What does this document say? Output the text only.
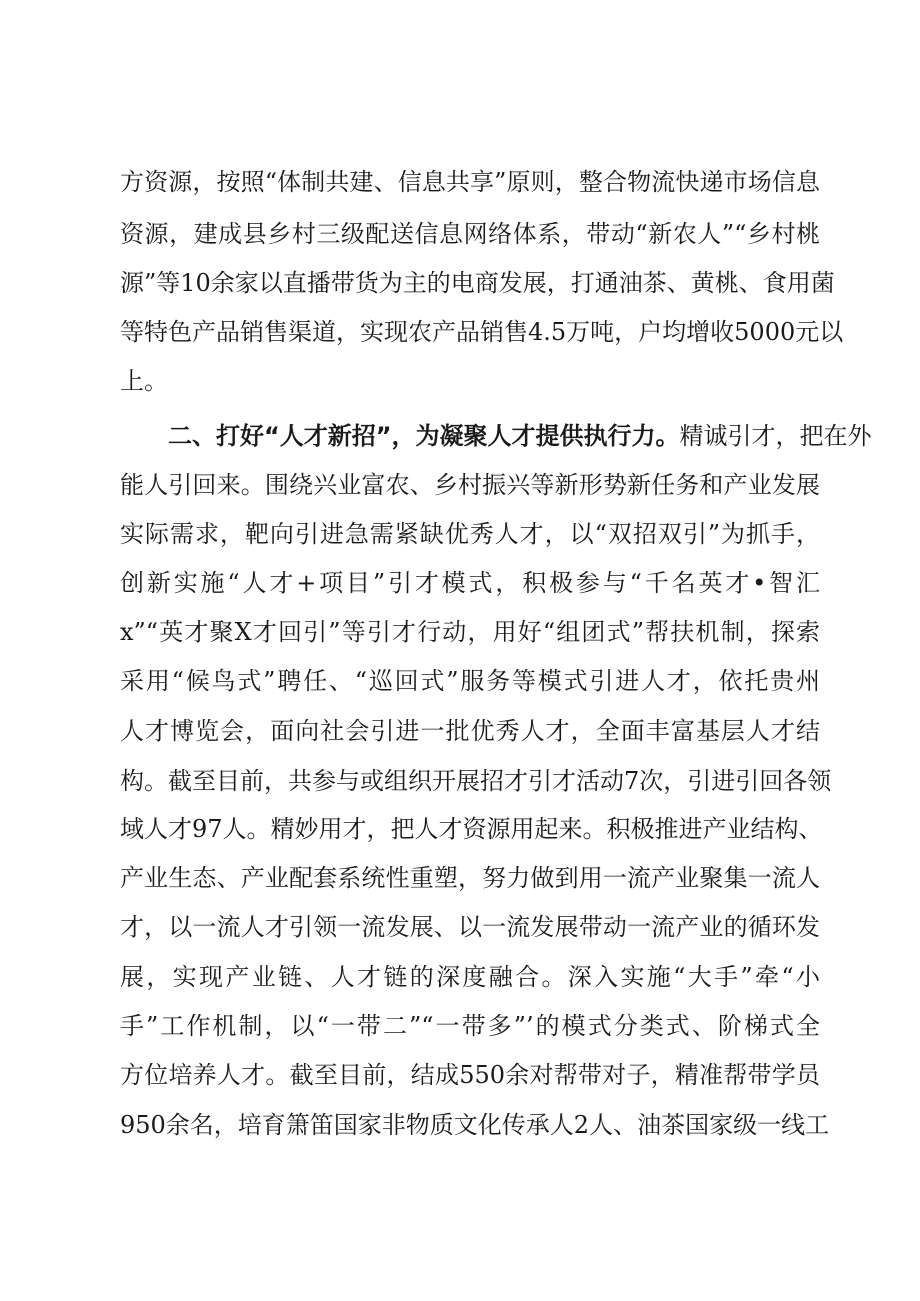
方资源，按照“体制共建、信息共享”原则，整合物流快递市场信息
资源，建成县乡村三级配送信息网络体系，带动“新农人”“乡村桃
源”等10余家以直播带货为主的电商发展，打通油茶、黄桃、食用菌
等特色产品销售渠道，实现农产品销售4.5万吨，户均增收5000元以
上。
二、打好“人才新招”，为凝聚人才提供执行力。精诚引才，把在外
能人引回来。围绕兴业富农、乡村振兴等新形势新任务和产业发展
实际需求，靶向引进急需紧缺优秀人才，以“双招双引”为抓手，
创新实施“人才+项目”引才模式，积极参与“千名英才•智汇
x”“英才聚X才回引”等引才行动，用好“组团式”帮扶机制，探索
采用“候鸟式”聘任、“巡回式”服务等模式引进人才，依托贵州
人才博览会，面向社会引进一批优秀人才，全面丰富基层人才结
构。截至目前，共参与或组织开展招才引才活动7次，引进引回各领
域人才97人。精妙用才，把人才资源用起来。积极推进产业结构、
产业生态、产业配套系统性重塑，努力做到用一流产业聚集一流人
才，以一流人才引领一流发展、以一流发展带动一流产业的循环发
展，实现产业链、人才链的深度融合。深入实施“大手”牵“小
手”工作机制，以“一带二”“一带多”’的模式分类式、阶梯式全
方位培养人才。截至目前，结成550余对帮带对子，精准帮带学员
950余名，培育箫笛国家非物质文化传承人2人、油茶国家级一线工
